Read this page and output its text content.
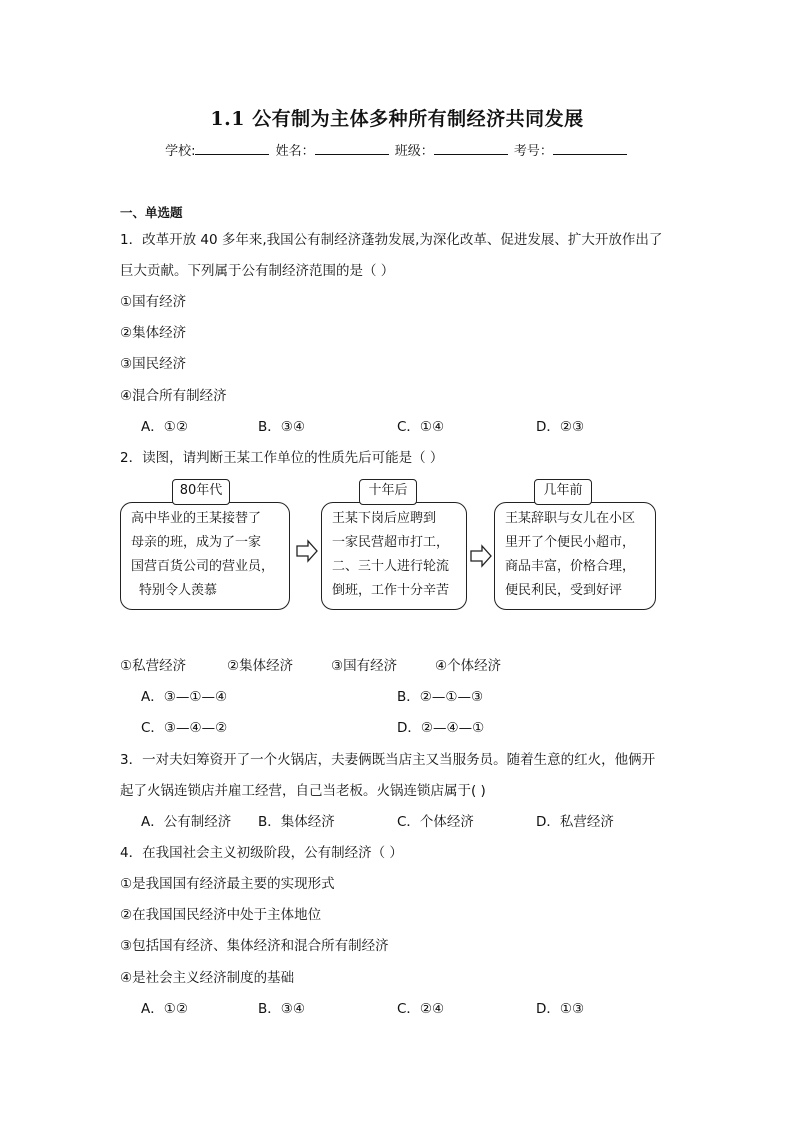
1.1 公有制为主体多种所有制经济共同发展
学校:	姓名：	班级：	考号：
一、单选题
1．改革开放 40 多年来,我国公有制经济蓬勃发展,为深化改革、促进发展、扩大开放作出了
巨大贡献。下列属于公有制经济范围的是（ ）
①国有经济
②集体经济
③国民经济
④混合所有制经济
A．①②	B．③④	C．①④	D．②③
2．读图，请判断王某工作单位的性质先后可能是（ ）
高中毕业的王某接替了
母亲的班，成为了一家
国营百货公司的营业员，
特别令人羡慕
80年代
王某下岗后应聘到
一家民营超市打工，
二、三十人进行轮流
倒班，工作十分辛苦
十年后
王某辞职与女儿在小区
里开了个便民小超市，
商品丰富，价格合理，
便民利民，受到好评
几年前
①私营经济	②集体经济	③国有经济	④个体经济
A．③—①—④	B．②—①—③
C．③—④—②	D．②—④—①
3．一对夫妇筹资开了一个火锅店，夫妻俩既当店主又当服务员。随着生意的红火，他俩开
起了火锅连锁店并雇工经营，自己当老板。火锅连锁店属于( )
A．公有制经济 B．集体经济	C．个体经济	D．私营经济
4．在我国社会主义初级阶段，公有制经济（ ）
①是我国国有经济最主要的实现形式
②在我国国民经济中处于主体地位
③包括国有经济、集体经济和混合所有制经济
④是社会主义经济制度的基础
A．①②	B．③④	C．②④	D．①③
